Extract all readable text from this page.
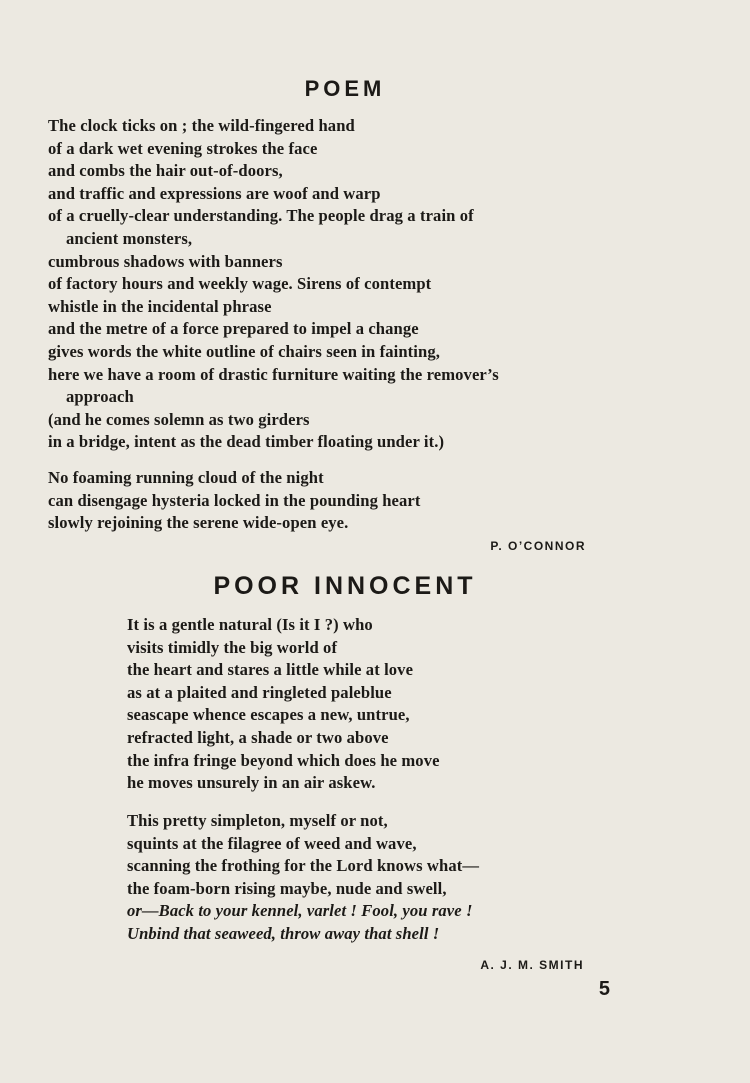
POEM
The clock ticks on ; the wild-fingered hand
of a dark wet evening strokes the face
and combs the hair out-of-doors,
and traffic and expressions are woof and warp
of a cruelly-clear understanding. The people drag a train of
ancient monsters,
cumbrous shadows with banners
of factory hours and weekly wage. Sirens of contempt
whistle in the incidental phrase
and the metre of a force prepared to impel a change
gives words the white outline of chairs seen in fainting,
here we have a room of drastic furniture waiting the remover’s
approach
(and he comes solemn as two girders
in a bridge, intent as the dead timber floating under it.)
No foaming running cloud of the night
can disengage hysteria locked in the pounding heart
slowly rejoining the serene wide-open eye.

P. O’CONNOR

POOR INNOCENT
It is a gentle natural (Is it I ?) who
visits timidly the big world of
the heart and stares a little while at love
as at a plaited and ringleted paleblue
seascape whence escapes a new, untrue,
refracted light, a shade or two above
the infra fringe beyond which does he move
he moves unsurely in an air askew.
This pretty simpleton, myself or not,
squints at the filagree of weed and wave,
scanning the frothing for the Lord knows what—
the foam-born rising maybe, nude and swell,
or—Back to your kennel, varlet ! Fool, you rave !
Unbind that seaweed, throw away that shell !

A. J. M. SMITH

5
